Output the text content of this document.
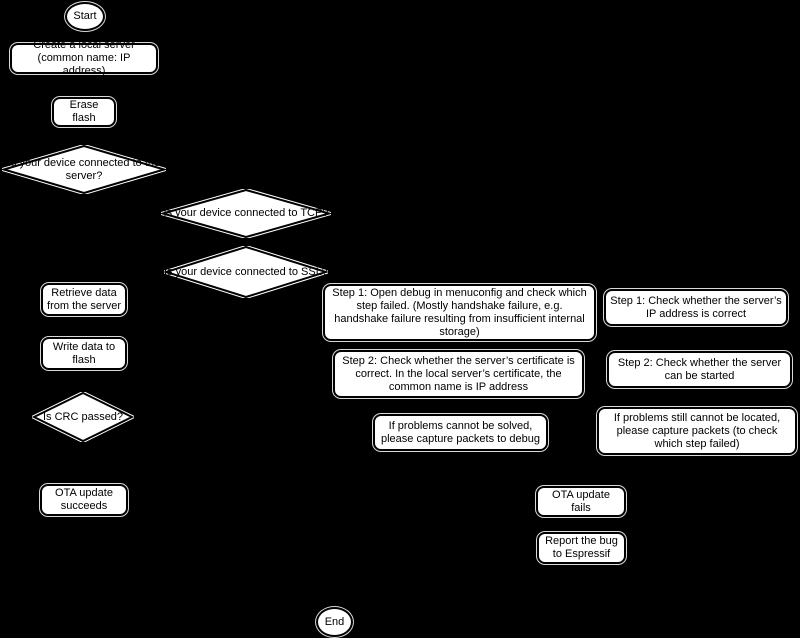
Start
Create a local server (common name: IP address)
Erase flash
Is your device connected to the server?
Is your device connected to TCP?
Is your device connected to SSL?
Retrieve data from the server
Write data to flash
Is CRC passed?
OTA update succeeds
Step 1: Open debug in menuconfig and check which step failed. (Mostly handshake failure, e.g. handshake failure resulting from insufficient internal storage)
Step 2: Check whether the server’s certificate is correct. In the local server’s certificate, the common name is IP address
If problems cannot be solved, please capture packets to debug
Step 1: Check whether the server’s IP address is correct
Step 2: Check whether the server can be started
If problems still cannot be located, please capture packets (to check which step failed)
OTA update fails
Report the bug to Espressif
End
